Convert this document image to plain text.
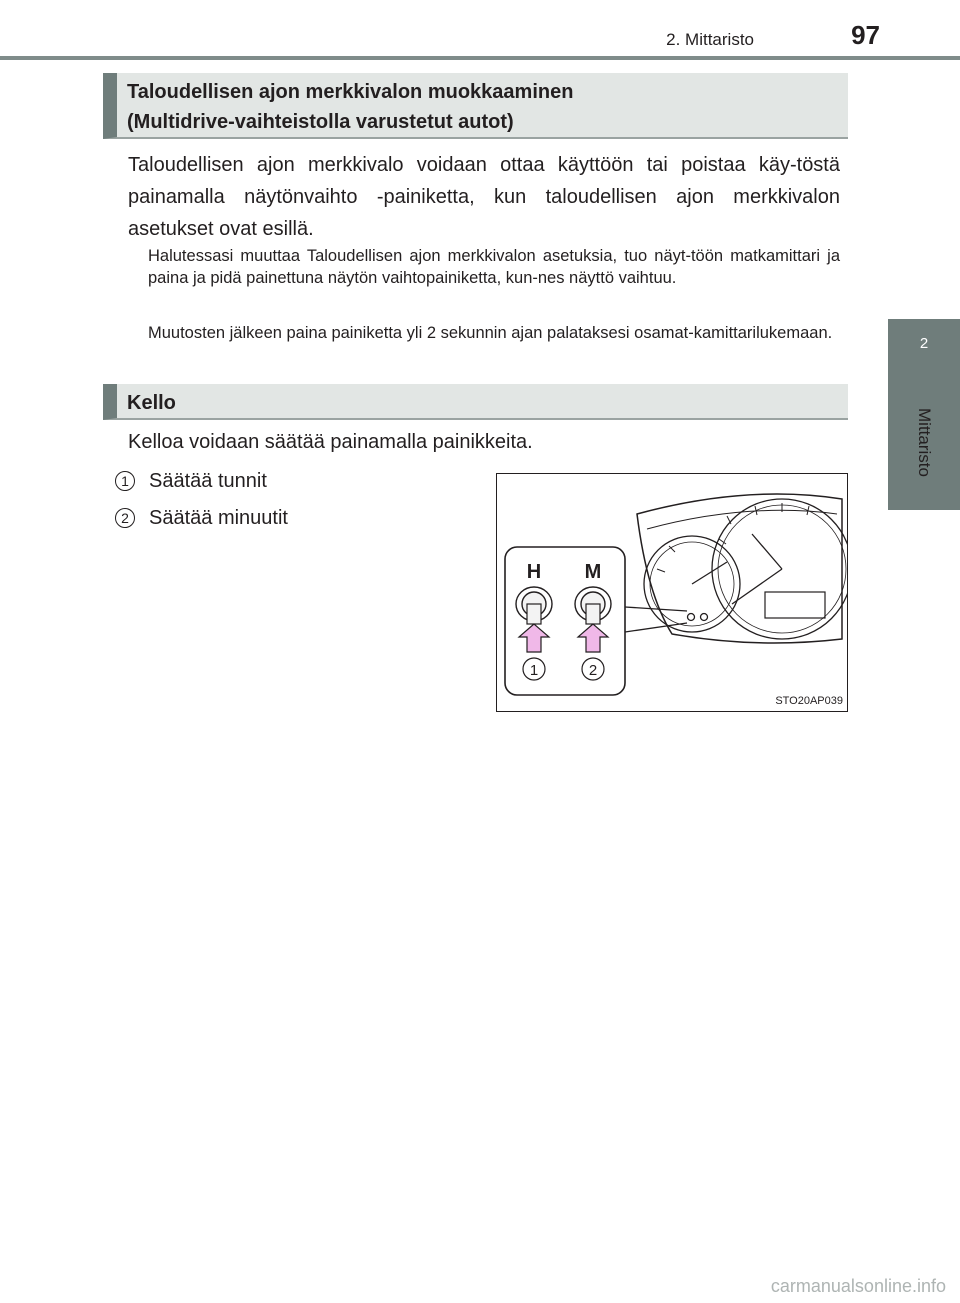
2. Mittaristo	97
2
Mittaristo
Taloudellisen ajon merkkivalon muokkaaminen
(Multidrive-vaihteistolla varustetut autot)

Taloudellisen ajon merkkivalo voidaan ottaa käyttöön tai poistaa käy-töstä painamalla näytönvaihto -painiketta, kun taloudellisen ajon merkkivalon asetukset ovat esillä.

Halutessasi muuttaa Taloudellisen ajon merkkivalon asetuksia, tuo näyt-töön matkamittari ja paina ja pidä painettuna näytön vaihtopainiketta, kun-nes näyttö vaihtuu.

Muutosten jälkeen paina painiketta yli 2 sekunnin ajan palataksesi osamat-kamittarilukemaan.

Kello

Kelloa voidaan säätää painamalla painikkeita.

1	Säätää tunnit
2	Säätää minuutit
H M
1	2
STO20AP039
carmanualsonline.info
